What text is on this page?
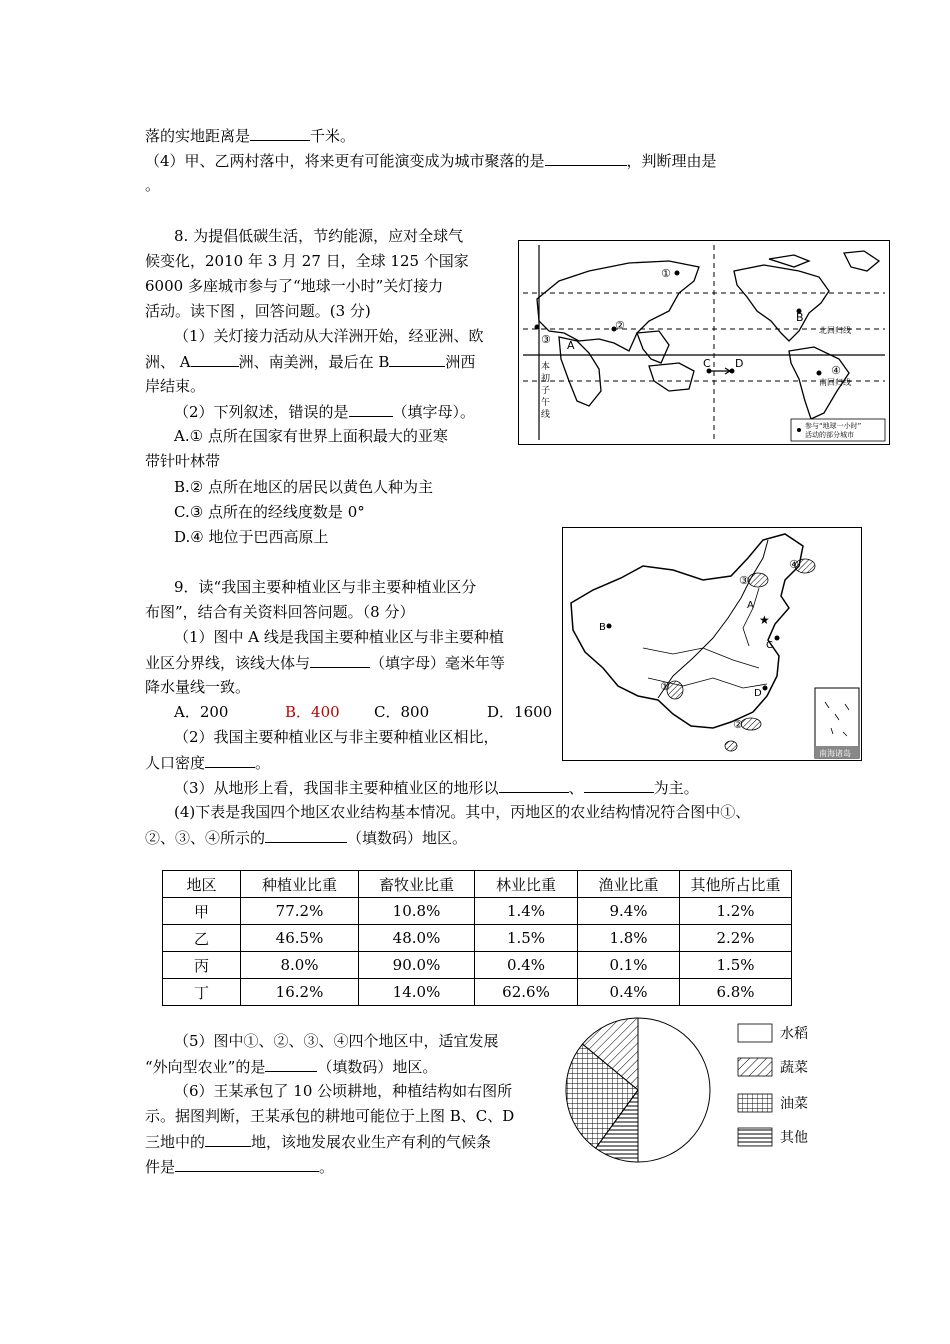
落的实地距离是	千米。
（4）甲、乙两村落中，将来更有可能演变成为城市聚落的是	，判断理由是
。
8. 为提倡低碳生活，节约能源，应对全球气
候变化，2010 年 3 月 27 日，全球 125 个国家
6000 多座城市参与了“地球一小时”关灯接力
活动。读下图 ，回答问题。(3 分)
（1）关灯接力活动从大洋洲开始，经亚洲、欧
洲、 A	洲、南美洲，最后在 B	洲西
岸结束。
（2）下列叙述，错误的是	（填字母）。
A.① 点所在国家有世界上面积最大的亚寒
带针叶林带
B.② 点所在地区的居民以黄色人种为主
C.③ 点所在的经线度数是 0°
D.④ 地位于巴西高原上
①
②
③
④
A
B
C D
北回归线
南回归线
本
初
子
午
线
参与“地球一小时”
活动的部分城市
9．读“我国主要种植业区与非主要种植业区分
布图”，结合有关资料回答问题。（8 分）
（1）图中 A 线是我国主要种植业区与非主要种植
业区分界线，该线大体与	（填字母）毫米年等
降水量线一致。
A．200	B．400 C．800	D．1600
（2）我国主要种植业区与非主要种植业区相比，
人口密度	。
（3）从地形上看，我国非主要种植业区的地形以	、	为主。
(4)下表是我国四个地区农业结构基本情况。其中，丙地区的农业结构情况符合图中①、
②、③、④所示的	（填数码）地区。
★
③
④
A
B
C
①
D
②
南海诸岛
地区	种植业比重	畜牧业比重	林业比重	渔业比重	其他所占比重
甲	77.2%	10.8%	1.4%	9.4%	1.2%
乙	46.5%	48.0%	1.5%	1.8%	2.2%
丙	8.0%	90.0%	0.4%	0.1%	1.5%
丁	16.2%	14.0%	62.6%	0.4%	6.8%
（5）图中①、②、③、④四个地区中，适宜发展
“外向型农业”的是	（填数码）地区。
（6）王某承包了 10 公顷耕地，种植结构如右图所
示。据图判断，王某承包的耕地可能位于上图 B、C、D
三地中的	地，该地发展农业生产有利的气候条
件是	。
水稻
蔬菜
油菜
其他
